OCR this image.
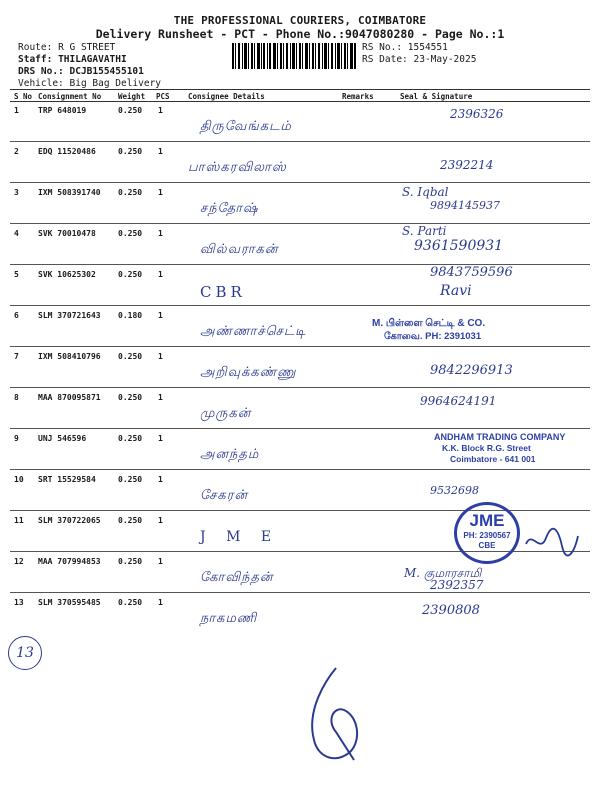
THE PROFESSIONAL COURIERS, COIMBATORE
Delivery Runsheet - PCT - Phone No.:9047080280 - Page No.:1
Route: R G STREET
Staff: THILAGAVATHI
DRS No.: DCJB155455101
Vehicle: Big Bag Delivery
RS No.: 1554551
RS Date: 23-May-2025
S No Consignment No Weight PCS Consignee Details	Remarks	Seal & Signature
1 TRP 648019	0.250 1
திருவேங்கடம்
2396326
2 EDQ 11520486	0.250 1
பாஸ்கரவிலாஸ்	2392214
3 IXM 508391740 0.250 1
சந்தோஷ்
S. Iqbal
9894145937
4 SVK 70010478	0.250 1
வில்வராகன்
S. Parti
9361590931
5 SVK 10625302	0.250 1
CBR
9843759596
Ravi
6 SLM 370721643 0.180 1
அண்ணாச்செட்டி
M. பிள்ளை செட்டி & CO.
கோவை. PH: 2391031
7 IXM 508410796 0.250 1
அறிவுக்கண்ணு	9842296913
8 MAA 870095871 0.250 1
முருகன்
9964624191
9 UNJ 546596	0.250 1
அனந்தம்
ANDHAM TRADING COMPANY
K.K. Block R.G. Street
Coimbatore - 641 001
10 SRT 15529584	0.250 1
சேகரன்	9532698
11 SLM 370722065 0.250 1
J M E
12 MAA 707994853 0.250 1
கோவிந்தன்	M. குமாரசாமி
2392357
13 SLM 370595485 0.250 1
நாகமணி
2390808
JME
PH: 2390567
CBE
13
